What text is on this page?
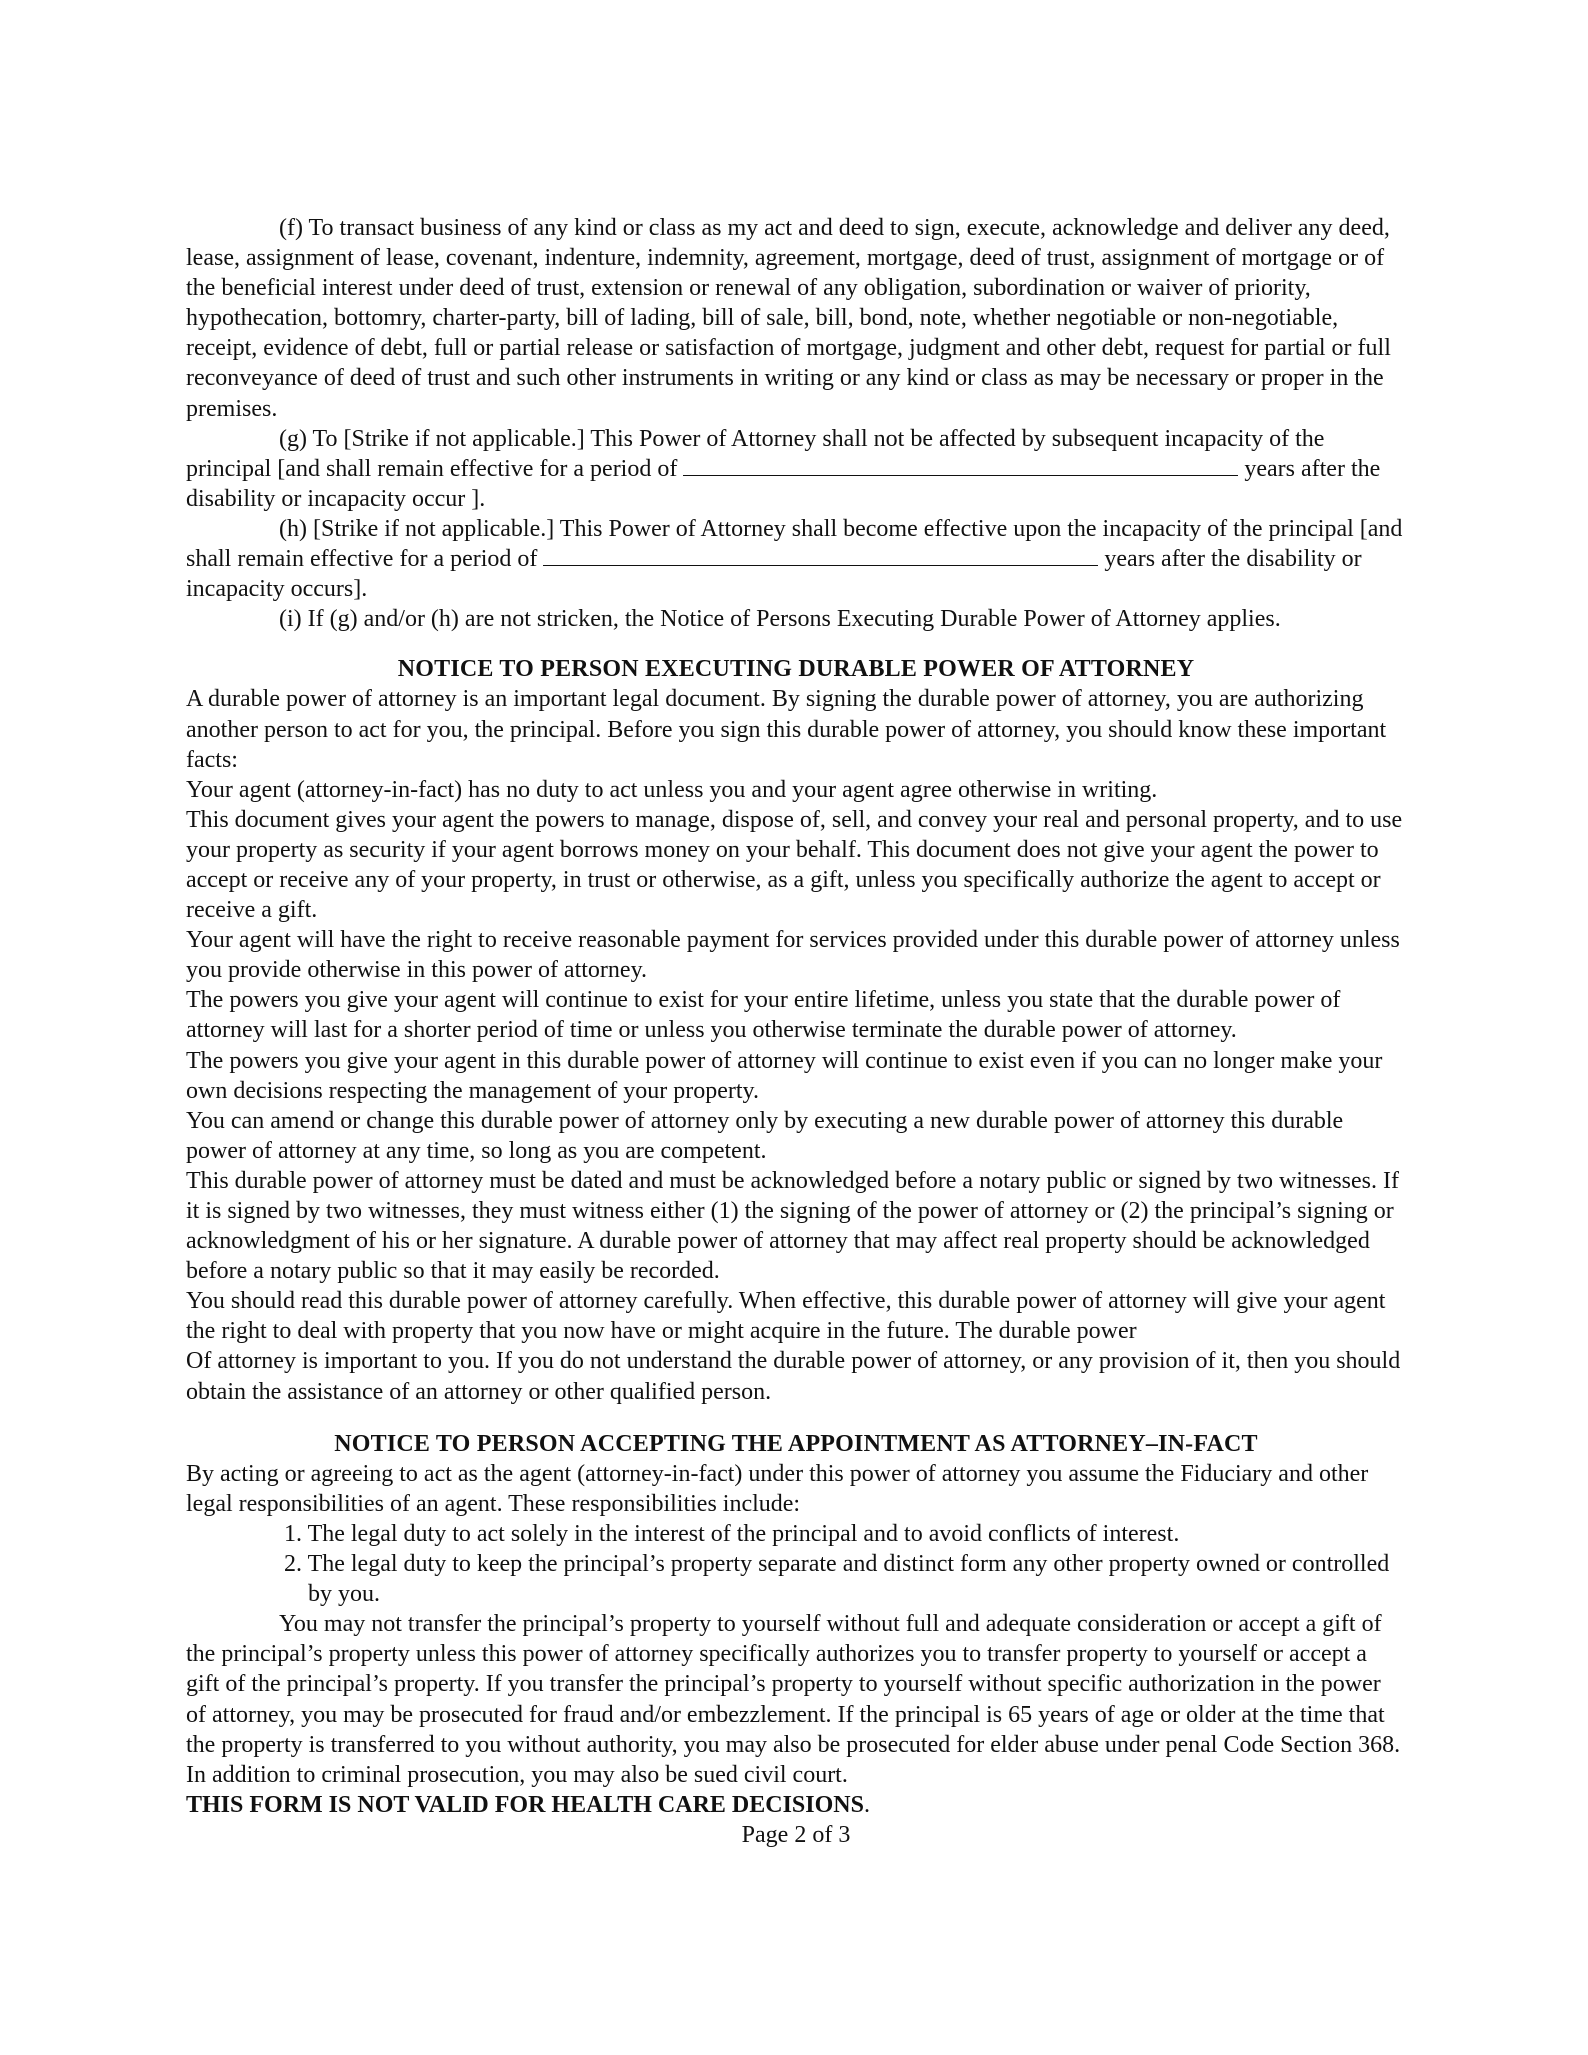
(f) To transact business of any kind or class as my act and deed to sign, execute, acknowledge and deliver any deed, lease, assignment of lease, covenant, indenture, indemnity, agreement, mortgage, deed of trust, assignment of mortgage or of the beneficial interest under deed of trust, extension or renewal of any obligation, subordination or waiver of priority, hypothecation, bottomry, charter-party, bill of lading, bill of sale, bill, bond, note, whether negotiable or non-negotiable, receipt, evidence of debt, full or partial release or satisfaction of mortgage, judgment and other debt, request for partial or full reconveyance of deed of trust and such other instruments in writing or any kind or class as may be necessary or proper in the premises.

(g) To [Strike if not applicable.] This Power of Attorney shall not be affected by subsequent incapacity of the principal [and shall remain effective for a period of	years after the disability or incapacity occur ].

(h) [Strike if not applicable.] This Power of Attorney shall become effective upon the incapacity of the principal [and shall remain effective for a period of	years after the disability or incapacity occurs].

(i) If (g) and/or (h) are not stricken, the Notice of Persons Executing Durable Power of Attorney applies.

NOTICE TO PERSON EXECUTING DURABLE POWER OF ATTORNEY

A durable power of attorney is an important legal document. By signing the durable power of attorney, you are authorizing another person to act for you, the principal. Before you sign this durable power of attorney, you should know these important facts:

Your agent (attorney-in-fact) has no duty to act unless you and your agent agree otherwise in writing.

This document gives your agent the powers to manage, dispose of, sell, and convey your real and personal property, and to use your property as security if your agent borrows money on your behalf. This document does not give your agent the power to accept or receive any of your property, in trust or otherwise, as a gift, unless you specifically authorize the agent to accept or receive a gift.

Your agent will have the right to receive reasonable payment for services provided under this durable power of attorney unless you provide otherwise in this power of attorney.

The powers you give your agent will continue to exist for your entire lifetime, unless you state that the durable power of attorney will last for a shorter period of time or unless you otherwise terminate the durable power of attorney.

The powers you give your agent in this durable power of attorney will continue to exist even if you can no longer make your own decisions respecting the management of your property.

You can amend or change this durable power of attorney only by executing a new durable power of attorney this durable power of attorney at any time, so long as you are competent.

This durable power of attorney must be dated and must be acknowledged before a notary public or signed by two witnesses. If it is signed by two witnesses, they must witness either (1) the signing of the power of attorney or (2) the principal’s signing or acknowledgment of his or her signature. A durable power of attorney that may affect real property should be acknowledged before a notary public so that it may easily be recorded.

You should read this durable power of attorney carefully. When effective, this durable power of attorney will give your agent the right to deal with property that you now have or might acquire in the future. The durable power

Of attorney is important to you. If you do not understand the durable power of attorney, or any provision of it, then you should obtain the assistance of an attorney or other qualified person.

NOTICE TO PERSON ACCEPTING THE APPOINTMENT AS ATTORNEY–IN-FACT

By acting or agreeing to act as the agent (attorney-in-fact) under this power of attorney you assume the Fiduciary and other legal responsibilities of an agent. These responsibilities include:

1. The legal duty to act solely in the interest of the principal and to avoid conflicts of interest.
2. The legal duty to keep the principal’s property separate and distinct form any other property owned or controlled by you.

You may not transfer the principal’s property to yourself without full and adequate consideration or accept a gift of the principal’s property unless this power of attorney specifically authorizes you to transfer property to yourself or accept a gift of the principal’s property. If you transfer the principal’s property to yourself without specific authorization in the power of attorney, you may be prosecuted for fraud and/or embezzlement. If the principal is 65 years of age or older at the time that the property is transferred to you without authority, you may also be prosecuted for elder abuse under penal Code Section 368. In addition to criminal prosecution, you may also be sued civil court.

THIS FORM IS NOT VALID FOR HEALTH CARE DECISIONS.

Page 2 of 3
